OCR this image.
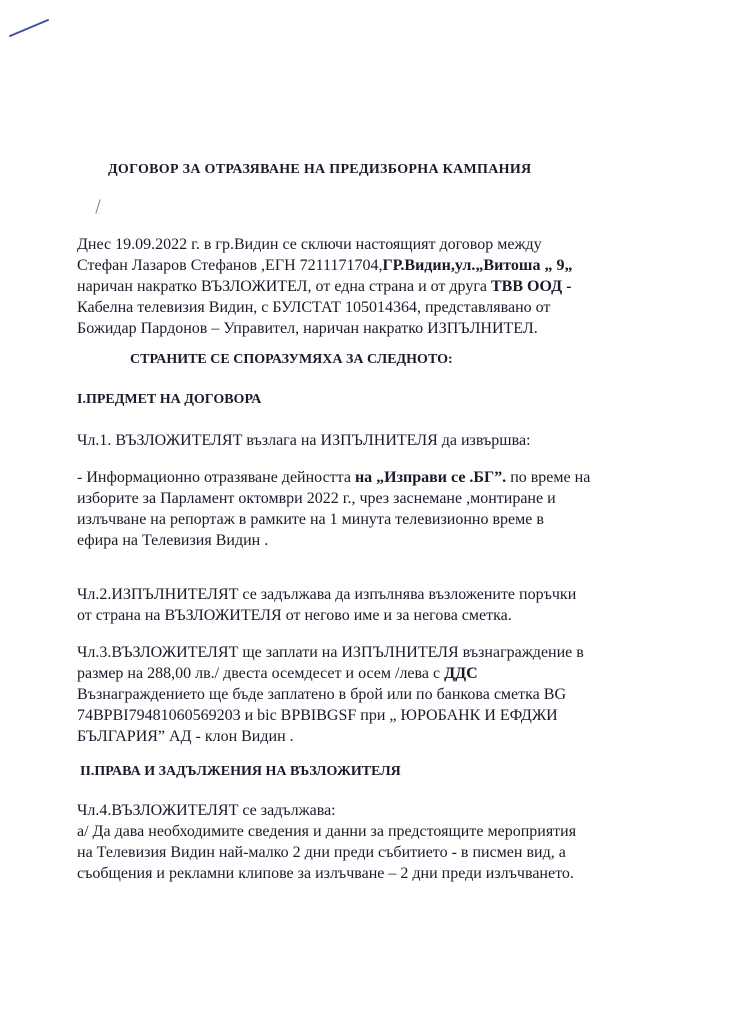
ДОГОВОР ЗА ОТРАЗЯВАНЕ НА ПРЕДИЗБОРНА КАМПАНИЯ

Днес 19.09.2022 г. в гр.Видин се сключи настоящият договор между

Стефан Лазаров Стефанов ,ЕГН 7211171704,ГР.Видин,ул.„Витоша „ 9„

наричан накратко ВЪЗЛОЖИТЕЛ, от една страна и от друга ТВВ ООД -

Кабелна телевизия Видин, с БУЛСТАТ 105014364, представлявано от

Божидар Пардонов – Управител, наричан накратко ИЗПЪЛНИТЕЛ.

СТРАНИТЕ СЕ СПОРАЗУМЯХА ЗА СЛЕДНОТО:
I.ПРЕДМЕТ НА ДОГОВОРА

Чл.1. ВЪЗЛОЖИТЕЛЯТ възлага на ИЗПЪЛНИТЕЛЯ да извършва:

- Информационно отразяване дейността на „Изправи се .БГ”. по време на

изборите за Парламент октомври 2022 г., чрез заснемане ,монтиране и

излъчване на репортаж в рамките на 1 минута телевизионно време в

ефира на Телевизия Видин .

Чл.2.ИЗПЪЛНИТЕЛЯТ се задължава да изпълнява възложените поръчки

от страна на ВЪЗЛОЖИТЕЛЯ от негово име и за негова сметка.

Чл.3.ВЪЗЛОЖИТЕЛЯТ ще заплати на ИЗПЪЛНИТЕЛЯ възнаграждение в

размер на 288,00 лв./ двеста осемдесет и осем /лева с ДДС

Възнаграждението ще бъде заплатено в брой или по банкова сметка BG

74BPBI79481060569203 и bic BPBIBGSF при „ ЮРОБАНК И ЕФДЖИ

БЪЛГАРИЯ” АД - клон Видин .

II.ПРАВА И ЗАДЪЛЖЕНИЯ НА ВЪЗЛОЖИТЕЛЯ

Чл.4.ВЪЗЛОЖИТЕЛЯТ се задължава:

а/ Да дава необходимите сведения и данни за предстоящите мероприятия

на Телевизия Видин най-малко 2 дни преди събитието - в писмен вид, а

съобщения и рекламни клипове за излъчване – 2 дни преди излъчването.
